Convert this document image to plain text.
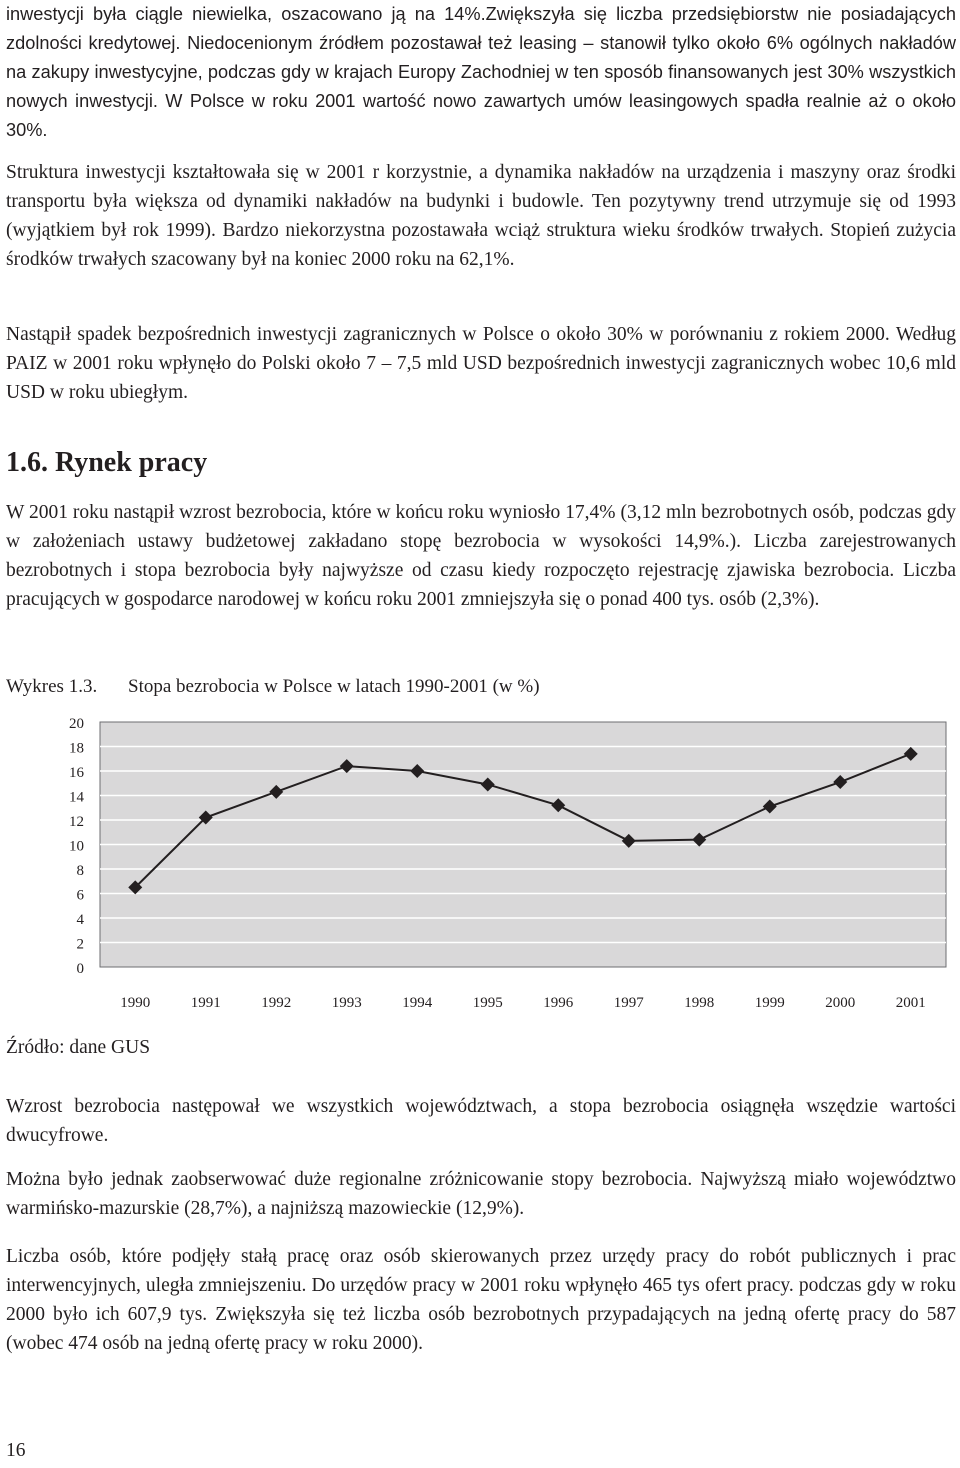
inwestycji była ciągle niewielka, oszacowano ją na 14%.Zwiększyła się liczba przedsiębiorstw nie posiadających zdolności kredytowej. Niedocenionym źródłem pozostawał też leasing – stanowił tylko około 6% ogólnych nakładów na zakupy inwestycyjne, podczas gdy w krajach Europy Zachodniej w ten sposób finansowanych jest 30% wszystkich nowych inwestycji. W Polsce w roku 2001 wartość nowo zawartych umów leasingowych spadła realnie aż o około 30%.

Struktura inwestycji kształtowała się w 2001 r korzystnie, a dynamika nakładów na urządzenia i maszyny oraz środki transportu była większa od dynamiki nakładów na budynki i budowle. Ten pozytywny trend utrzymuje się od 1993 (wyjątkiem był rok 1999). Bardzo niekorzystna pozostawała wciąż struktura wieku środków trwałych. Stopień zużycia środków trwałych szacowany był na koniec 2000 roku na 62,1%.

Nastąpił spadek bezpośrednich inwestycji zagranicznych w Polsce o około 30% w porównaniu z rokiem 2000. Według PAIZ w 2001 roku wpłynęło do Polski około 7 – 7,5 mld USD bezpośrednich inwestycji zagranicznych wobec 10,6 mld USD w roku ubiegłym.

1.6. Rynek pracy

W 2001 roku nastąpił wzrost bezrobocia, które w końcu roku wyniosło 17,4% (3,12 mln bezrobotnych osób, podczas gdy w założeniach ustawy budżetowej zakładano stopę bezrobocia w wysokości 14,9%.). Liczba zarejestrowanych bezrobotnych i stopa bezrobocia były najwyższe od czasu kiedy rozpoczęto rejestrację zjawiska bezrobocia. Liczba pracujących w gospodarce narodowej w końcu roku 2001 zmniejszyła się o ponad 400 tys. osób (2,3%).

Wykres 1.3. Stopa bezrobocia w Polsce w latach 1990-2001 (w %)
0
2
4
6
8
10
12
14
16
18
20
1990	1991	1992	1993	1994	1995	1996	1997	1998	1999	2000	2001
Źródło: dane GUS

Wzrost bezrobocia następował we wszystkich województwach, a stopa bezrobocia osiągnęła wszędzie wartości dwucyfrowe.

Można było jednak zaobserwować duże regionalne zróżnicowanie stopy bezrobocia. Najwyższą miało województwo warmińsko-mazurskie (28,7%), a najniższą mazowieckie (12,9%).

Liczba osób, które podjęły stałą pracę oraz osób skierowanych przez urzędy pracy do robót publicznych i prac interwencyjnych, uległa zmniejszeniu. Do urzędów pracy w 2001 roku wpłynęło 465 tys ofert pracy. podczas gdy w roku 2000 było ich 607,9 tys. Zwiększyła się też liczba osób bezrobotnych przypadających na jedną ofertę pracy do 587 (wobec 474 osób na jedną ofertę pracy w roku 2000).

16
